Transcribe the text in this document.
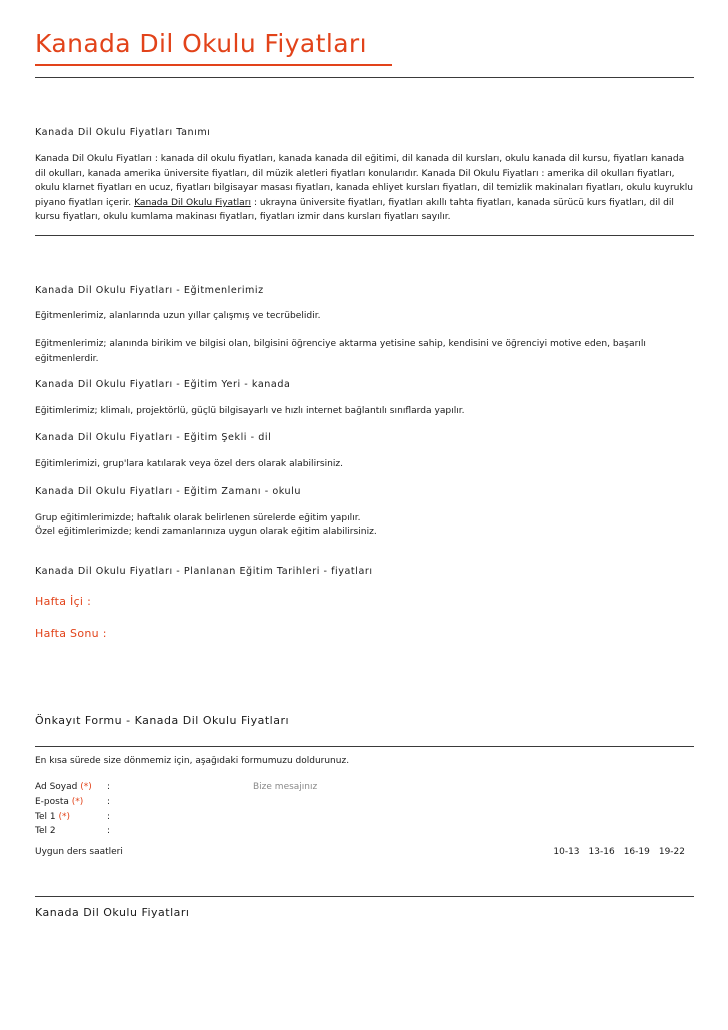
Kanada Dil Okulu Fiyatları
Kanada Dil Okulu Fiyatları Tanımı

Kanada Dil Okulu Fiyatları : kanada dil okulu fiyatları, kanada kanada dil eğitimi, dil kanada dil kursları, okulu kanada dil kursu, fiyatları kanada dil okulları, kanada amerika üniversite fiyatları, dil müzik aletleri fiyatları konularıdır. Kanada Dil Okulu Fiyatları : amerika dil okulları fiyatları, okulu klarnet fiyatları en ucuz, fiyatları bilgisayar masası fiyatları, kanada ehliyet kursları fiyatları, dil temizlik makinaları fiyatları, okulu kuyruklu piyano fiyatları içerir. Kanada Dil Okulu Fiyatları : ukrayna üniversite fiyatları, fiyatları akıllı tahta fiyatları, kanada sürücü kurs fiyatları, dil dil kursu fiyatları, okulu kumlama makinası fiyatları, fiyatları izmir dans kursları fiyatları sayılır.

Kanada Dil Okulu Fiyatları - Eğitmenlerimiz

Eğitmenlerimiz, alanlarında uzun yıllar çalışmış ve tecrübelidir.

Eğitmenlerimiz; alanında birikim ve bilgisi olan, bilgisini öğrenciye aktarma yetisine sahip, kendisini ve öğrenciyi motive eden, başarılı eğitmenlerdir.

Kanada Dil Okulu Fiyatları - Eğitim Yeri - kanada

Eğitimlerimiz; klimalı, projektörlü, güçlü bilgisayarlı ve hızlı internet bağlantılı sınıflarda yapılır.

Kanada Dil Okulu Fiyatları - Eğitim Şekli - dil

Eğitimlerimizi, grup'lara katılarak veya özel ders olarak alabilirsiniz.

Kanada Dil Okulu Fiyatları - Eğitim Zamanı - okulu

Grup eğitimlerimizde; haftalık olarak belirlenen sürelerde eğitim yapılır.

Özel eğitimlerimizde; kendi zamanlarınıza uygun olarak eğitim alabilirsiniz.

Kanada Dil Okulu Fiyatları - Planlanan Eğitim Tarihleri - fiyatları

Hafta İçi :

Hafta Sonu :

Önkayıt Formu - Kanada Dil Okulu Fiyatları

En kısa sürede size dönmemiz için, aşağıdaki formumuzu doldurunuz.

Ad Soyad (*) :
E-posta (*)	:
Tel 1 (*)	:
Tel 2	:
Bize mesajınız
Uygun ders saatleri	10-13 13-16 16-19 19-22
Kanada Dil Okulu Fiyatları
